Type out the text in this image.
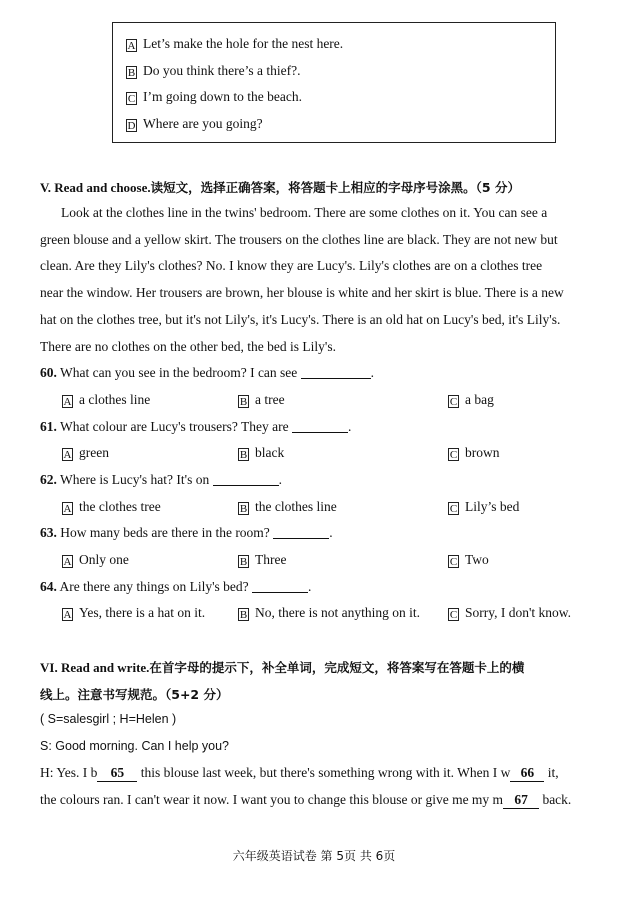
A Let’s make the hole for the nest here.
B Do you think there’s a thief?.
C I’m going down to the beach.
D Where are you going?
V. Read and choose.读短文，选择正确答案，将答题卡上相应的字母序号涂黑。（5 分）
Look at the clothes line in the twins' bedroom. There are some clothes on it. You can see a
green blouse and a yellow skirt. The trousers on the clothes line are black. They are not new but
clean. Are they Lily's clothes? No. I know they are Lucy's. Lily's clothes are on a clothes tree
near the window. Her trousers are brown, her blouse is white and her skirt is blue. There is a new
hat on the clothes tree, but it's not Lily's, it's Lucy's. There is an old hat on Lucy's bed, it's Lily's.
There are no clothes on the other bed, the bed is Lily's.
60. What can you see in the bedroom? I can see	.
A a clothes line	B a tree	C a bag
61. What colour are Lucy's trousers? They are	.
A green	B black	C brown
62. Where is Lucy's hat? It's on	.
A the clothes tree	B the clothes line	C Lily’s bed
63. How many beds are there in the room?	.
A Only one	B Three	C Two
64. Are there any things on Lily's bed?	.
A Yes, there is a hat on it.	B No, there is not anything on it.	C Sorry, I don't know.
VI. Read and write.在首字母的提示下，补全单词，完成短文，将答案写在答题卡上的横
线上。注意书写规范。（5+2 分）
( S=salesgirl ; H=Helen )
S: Good morning. Can I help you?
H: Yes. I b 65 this blouse last week, but there's something wrong with it. When I w 66 it,
the colours ran. I can't wear it now. I want you to change this blouse or give me my m 67 back.
六年级英语试卷 第 5页 共 6页
